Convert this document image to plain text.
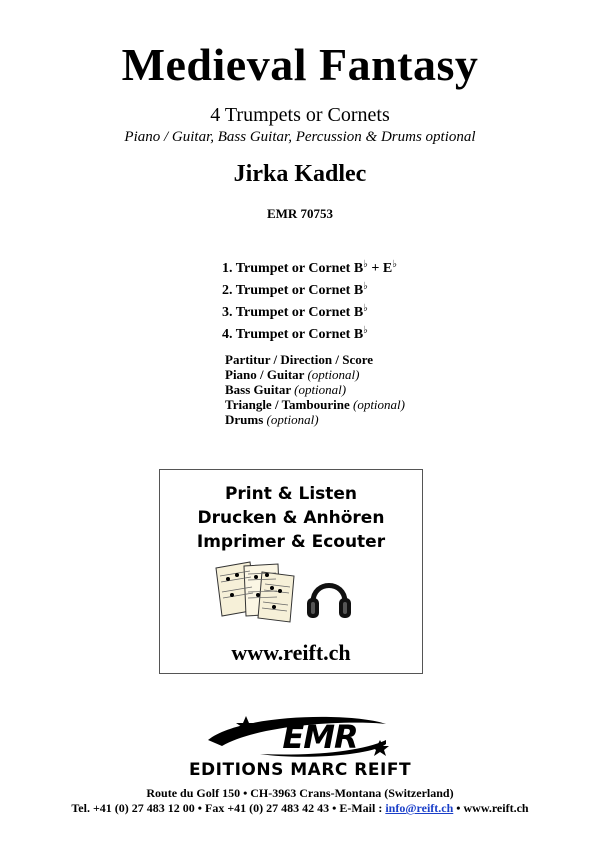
Medieval Fantasy
4 Trumpets or Cornets
Piano / Guitar, Bass Guitar, Percussion & Drums optional
Jirka Kadlec
EMR 70753
1. Trumpet or Cornet B♭ + E♭
2. Trumpet or Cornet B♭
3. Trumpet or Cornet B♭
4. Trumpet or Cornet B♭
Partitur / Direction / Score
Piano / Guitar (optional)
Bass Guitar (optional)
Triangle / Tambourine (optional)
Drums (optional)
Print & Listen
Drucken & Anhören
Imprimer & Ecouter
www.reift.ch
EMR
EDITIONS MARC REIFT
Route du Golf 150 • CH-3963 Crans-Montana (Switzerland)
Tel. +41 (0) 27 483 12 00 • Fax +41 (0) 27 483 42 43 • E-Mail : info@reift.ch • www.reift.ch
